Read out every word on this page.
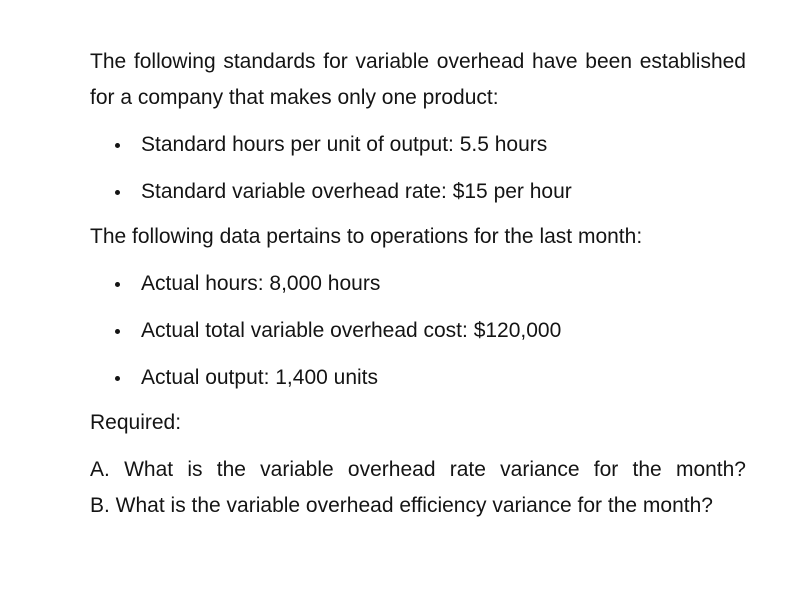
The following standards for variable overhead have been established for a company that makes only one product:

Standard hours per unit of output: 5.5 hours
Standard variable overhead rate: $15 per hour

The following data pertains to operations for the last month:

Actual hours: 8,000 hours
Actual total variable overhead cost: $120,000
Actual output: 1,400 units

Required:

A. What is the variable overhead rate variance for the month?
B. What is the variable overhead efficiency variance for the month?
